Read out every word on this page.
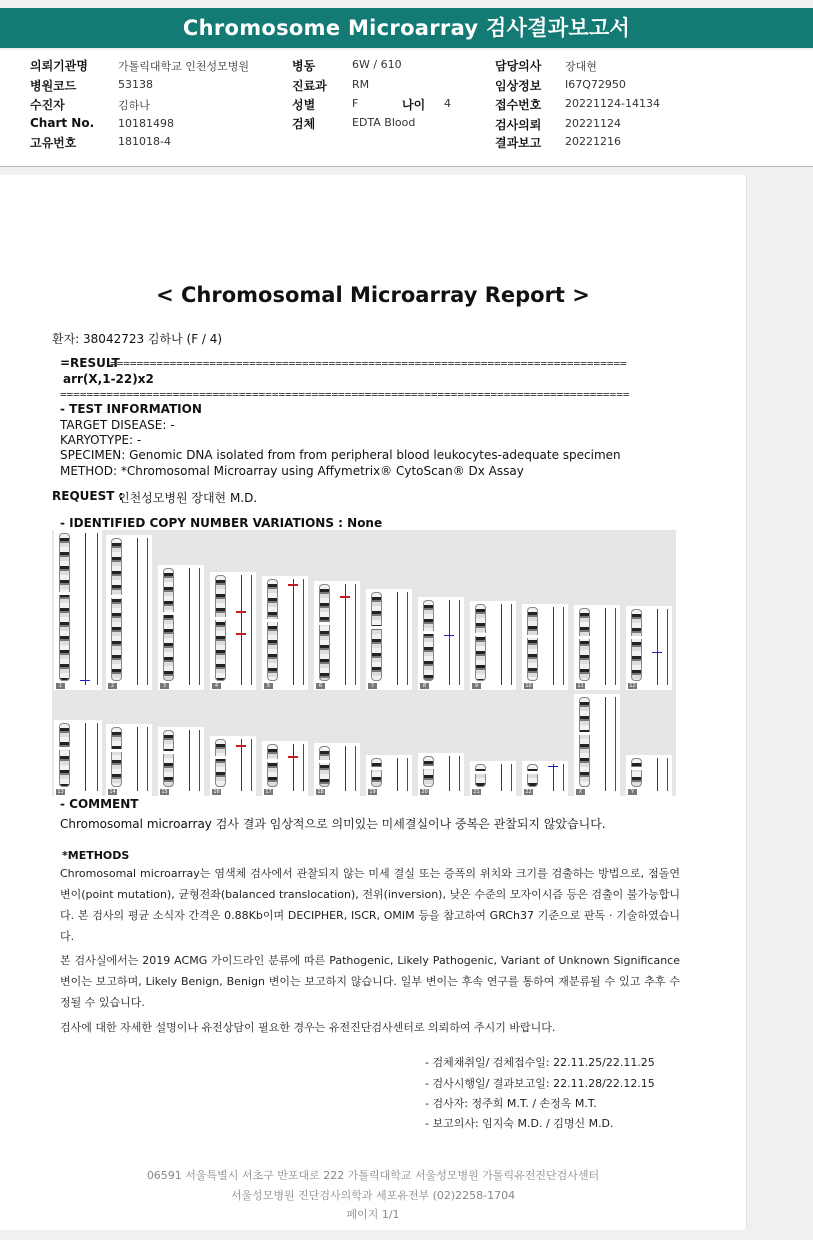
Chromosome Microarray 검사결과보고서
의뢰기관명	가톨릭대학교 인천성모병원
병원코드	53138
수진자	김하나
Chart No. 10181498
고유번호	181018-4
병동	6W / 610
진료과 RM
성별	F	나이 4
검체	EDTA Blood
담당의사 장대현
임상정보 I67Q72950
접수번호 20221124-14134
검사의뢰 20221124
결과보고 20221216
< Chromosomal Microarray Report >
환자: 38042723 김하나 (F / 4)
=RESULT
==============================================================================
arr(X,1-22)x2
======================================================================================
- TEST INFORMATION
TARGET DISEASE: -
KARYOTYPE: -
SPECIMEN: Genomic DNA isolated from from peripheral blood leukocytes-adequate specimen
METHOD: *Chromosomal Microarray using Affymetrix® CytoScan® Dx Assay
REQUEST :
인천성모병원 장대현 M.D.
- IDENTIFIED COPY NUMBER VARIATIONS : None
1	2	3	4	5	6	7	8	9	10	11	12
13	14	15	16	17	18	19	20	21	22	X	Y
- COMMENT
Chromosomal microarray 검사 결과 임상적으로 의미있는 미세결실이나 중복은 관찰되지 않았습니다.
*METHODS
Chromosomal microarray는 염색체 검사에서 관찰되지 않는 미세 결실 또는 증폭의 위치와 크기를 검출하는 방법으로, 점돌연변이(point mutation), 균형전좌(balanced translocation), 전위(inversion), 낮은 수준의 모자이시즘 등은 검출이 불가능합니다. 본 검사의 평균 소식자 간격은 0.88Kb이며 DECIPHER, ISCR, OMIM 등을 참고하여 GRCh37 기준으로 판독 · 기술하였습니다.
본 검사실에서는 2019 ACMG 가이드라인 분류에 따른 Pathogenic, Likely Pathogenic, Variant of Unknown Significance 변이는 보고하며, Likely Benign, Benign 변이는 보고하지 않습니다. 일부 변이는 후속 연구를 통하여 재분류될 수 있고 추후 수정될 수 있습니다.
검사에 대한 자세한 설명이나 유전상담이 필요한 경우는 유전진단검사센터로 의뢰하여 주시기 바랍니다.
- 검체채취일/ 검체접수일: 22.11.25/22.11.25
- 검사시행일/ 결과보고일: 22.11.28/22.12.15
- 검사자: 정주희 M.T. / 손정옥 M.T.
- 보고의사: 임지숙 M.D. / 김명신 M.D.
06591 서울특별시 서초구 반포대로 222 가톨릭대학교 서울성모병원 가톨릭유전진단검사센터
서울성모병원 진단검사의학과 세포유전부 (02)2258-1704
페이지 1/1
